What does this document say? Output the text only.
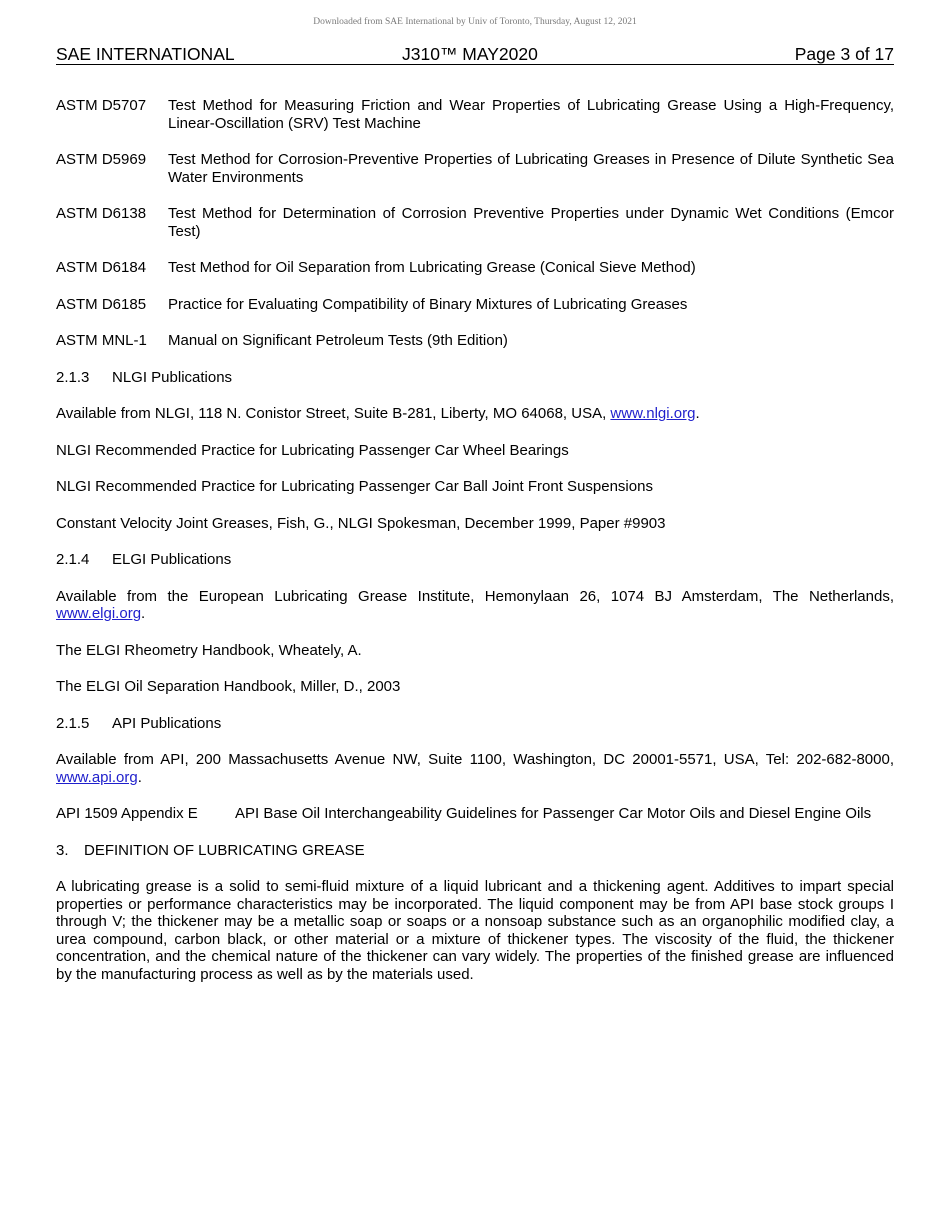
Downloaded from SAE International by Univ of Toronto, Thursday, August 12, 2021
SAE INTERNATIONAL	J310™ MAY2020	Page 3 of 17
ASTM D5707	Test Method for Measuring Friction and Wear Properties of Lubricating Grease Using a High-Frequency, Linear-Oscillation (SRV) Test Machine
ASTM D5969	Test Method for Corrosion-Preventive Properties of Lubricating Greases in Presence of Dilute Synthetic Sea Water Environments
ASTM D6138	Test Method for Determination of Corrosion Preventive Properties under Dynamic Wet Conditions (Emcor Test)
ASTM D6184	Test Method for Oil Separation from Lubricating Grease (Conical Sieve Method)
ASTM D6185	Practice for Evaluating Compatibility of Binary Mixtures of Lubricating Greases
ASTM MNL-1	Manual on Significant Petroleum Tests (9th Edition)
2.1.3	NLGI Publications
Available from NLGI, 118 N. Conistor Street, Suite B-281, Liberty, MO 64068, USA, www.nlgi.org.
NLGI Recommended Practice for Lubricating Passenger Car Wheel Bearings
NLGI Recommended Practice for Lubricating Passenger Car Ball Joint Front Suspensions
Constant Velocity Joint Greases, Fish, G., NLGI Spokesman, December 1999, Paper #9903
2.1.4	ELGI Publications
Available from the European Lubricating Grease Institute, Hemonylaan 26, 1074 BJ Amsterdam, The Netherlands, www.elgi.org.
The ELGI Rheometry Handbook, Wheately, A.
The ELGI Oil Separation Handbook, Miller, D., 2003
2.1.5	API Publications
Available from API, 200 Massachusetts Avenue NW, Suite 1100, Washington, DC 20001-5571, USA, Tel: 202-682-8000, www.api.org.
API 1509 Appendix E	API Base Oil Interchangeability Guidelines for Passenger Car Motor Oils and Diesel Engine Oils
3.	DEFINITION OF LUBRICATING GREASE
A lubricating grease is a solid to semi-fluid mixture of a liquid lubricant and a thickening agent. Additives to impart special properties or performance characteristics may be incorporated. The liquid component may be from API base stock groups I through V; the thickener may be a metallic soap or soaps or a nonsoap substance such as an organophilic modified clay, a urea compound, carbon black, or other material or a mixture of thickener types. The viscosity of the fluid, the thickener concentration, and the chemical nature of the thickener can vary widely. The properties of the finished grease are influenced by the manufacturing process as well as by the materials used.
